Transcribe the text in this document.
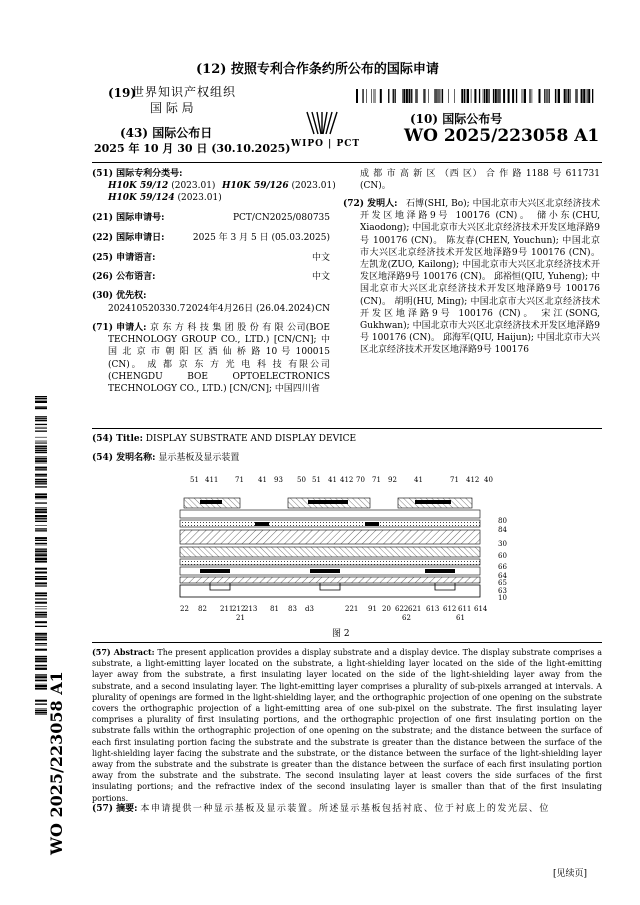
(12) 按照专利合作条约所公布的国际申请
(19)
世界知识产权组织
国 际 局
(43) 国际公布日
2025 年 10 月 30 日 (30.10.2025) WIPO | PCT
(10) 国际公布号
WO 2025/223058 A1
(51) 国际专利分类号:
H10K 59/12 (2023.01) H10K 59/126 (2023.01)
H10K 59/124 (2023.01)
(21) 国际申请号:	PCT/CN2025/080735
(22) 国际申请日:	2025 年 3 月 5 日 (05.03.2025)
(25) 申请语言:	中文
(26) 公布语言:	中文
(30) 优先权:
202410520330.7 2024年4月26日 (26.04.2024) CN
(71) 申请人: 京 东 方 科 技 集 团 股 份 有 限 公司(BOE TECHNOLOGY GROUP CO., LTD.) [CN/CN]; 中 国 北 京 市 朝 阳 区 酒 仙 桥 路 10 号 100015 (CN)。 成 都 京 东 方 光 电 科 技 有限公司(CHENGDU BOE OPTOELECTRONICS TECHNOLOGY CO., LTD.) [CN/CN]; 中国四川省
成 都 市 高 新 区 （西 区） 合 作 路 1188 号 611731 (CN)。
(72) 发明人: 石博(SHI, Bo); 中国北京市大兴区北京经济技术开发区地泽路9号 100176 (CN)。 储小东(CHU, Xiaodong); 中国北京市大兴区北京经济技术开发区地泽路9号 100176 (CN)。 陈友春(CHEN, Youchun); 中国北京市大兴区北京经济技术开发区地泽路9号 100176 (CN)。 左凯龙(ZUO, Kailong); 中国北京市大兴区北京经济技术开发区地泽路9号 100176 (CN)。 邱裕恒(QIU, Yuheng); 中国北京市大兴区北京经济技术开发区地泽路9号 100176 (CN)。 胡明(HU, Ming); 中国北京市大兴区北京经济技术开发区地泽路9号 100176 (CN)。 宋江(SONG, Gukhwan); 中国北京市大兴区北京经济技术开发区地泽路9号 100176 (CN)。 邱海军(QIU, Haijun); 中国北京市大兴区北京经济技术开发区地泽路9号 100176
(54) Title: DISPLAY SUBSTRATE AND DISPLAY DEVICE
(54) 发明名称: 显示基板及显示装置
51 411 71 41 93 50 51 41 412 70 71 92 41	71 412 40
80
84
30
60
66
64
65
63
10
22 82 211
212
213 81 83 d3	221 91 20 622 621 613 612 611 614
21	62	61
图 2
(57) Abstract: The present application provides a display substrate and a display device. The display substrate comprises a substrate, a light-emitting layer located on the substrate, a light-shielding layer located on the side of the light-emitting layer away from the substrate, a first insulating layer located on the side of the light-shielding layer away from the substrate, and a second insulating layer. The light-emitting layer comprises a plurality of sub-pixels arranged at intervals. A plurality of openings are formed in the light-shielding layer, and the orthographic projection of one opening on the substrate covers the orthographic projection of a light-emitting area of one sub-pixel on the substrate. The first insulating layer comprises a plurality of first insulating portions, and the orthographic projection of one first insulating portion on the substrate falls within the orthographic projection of one opening on the substrate; and the distance between the surface of each first insulating portion facing the substrate and the substrate is greater than the distance between the surface of the light-shielding layer facing the substrate and the substrate, or the distance between the surface of the light-shielding layer away from the substrate and the substrate is greater than the distance between the surface of each first insulating portion away from the substrate and the substrate. The second insulating layer at least covers the side surfaces of the first insulating portions; and the refractive index of the second insulating layer is smaller than that of the first insulating portions.
(57) 摘要: 本申请提供一种显示基板及显示装置。所述显示基板包括衬底、位于衬底上的发光层、位
WO 2025/223058 A1
[见续页]
